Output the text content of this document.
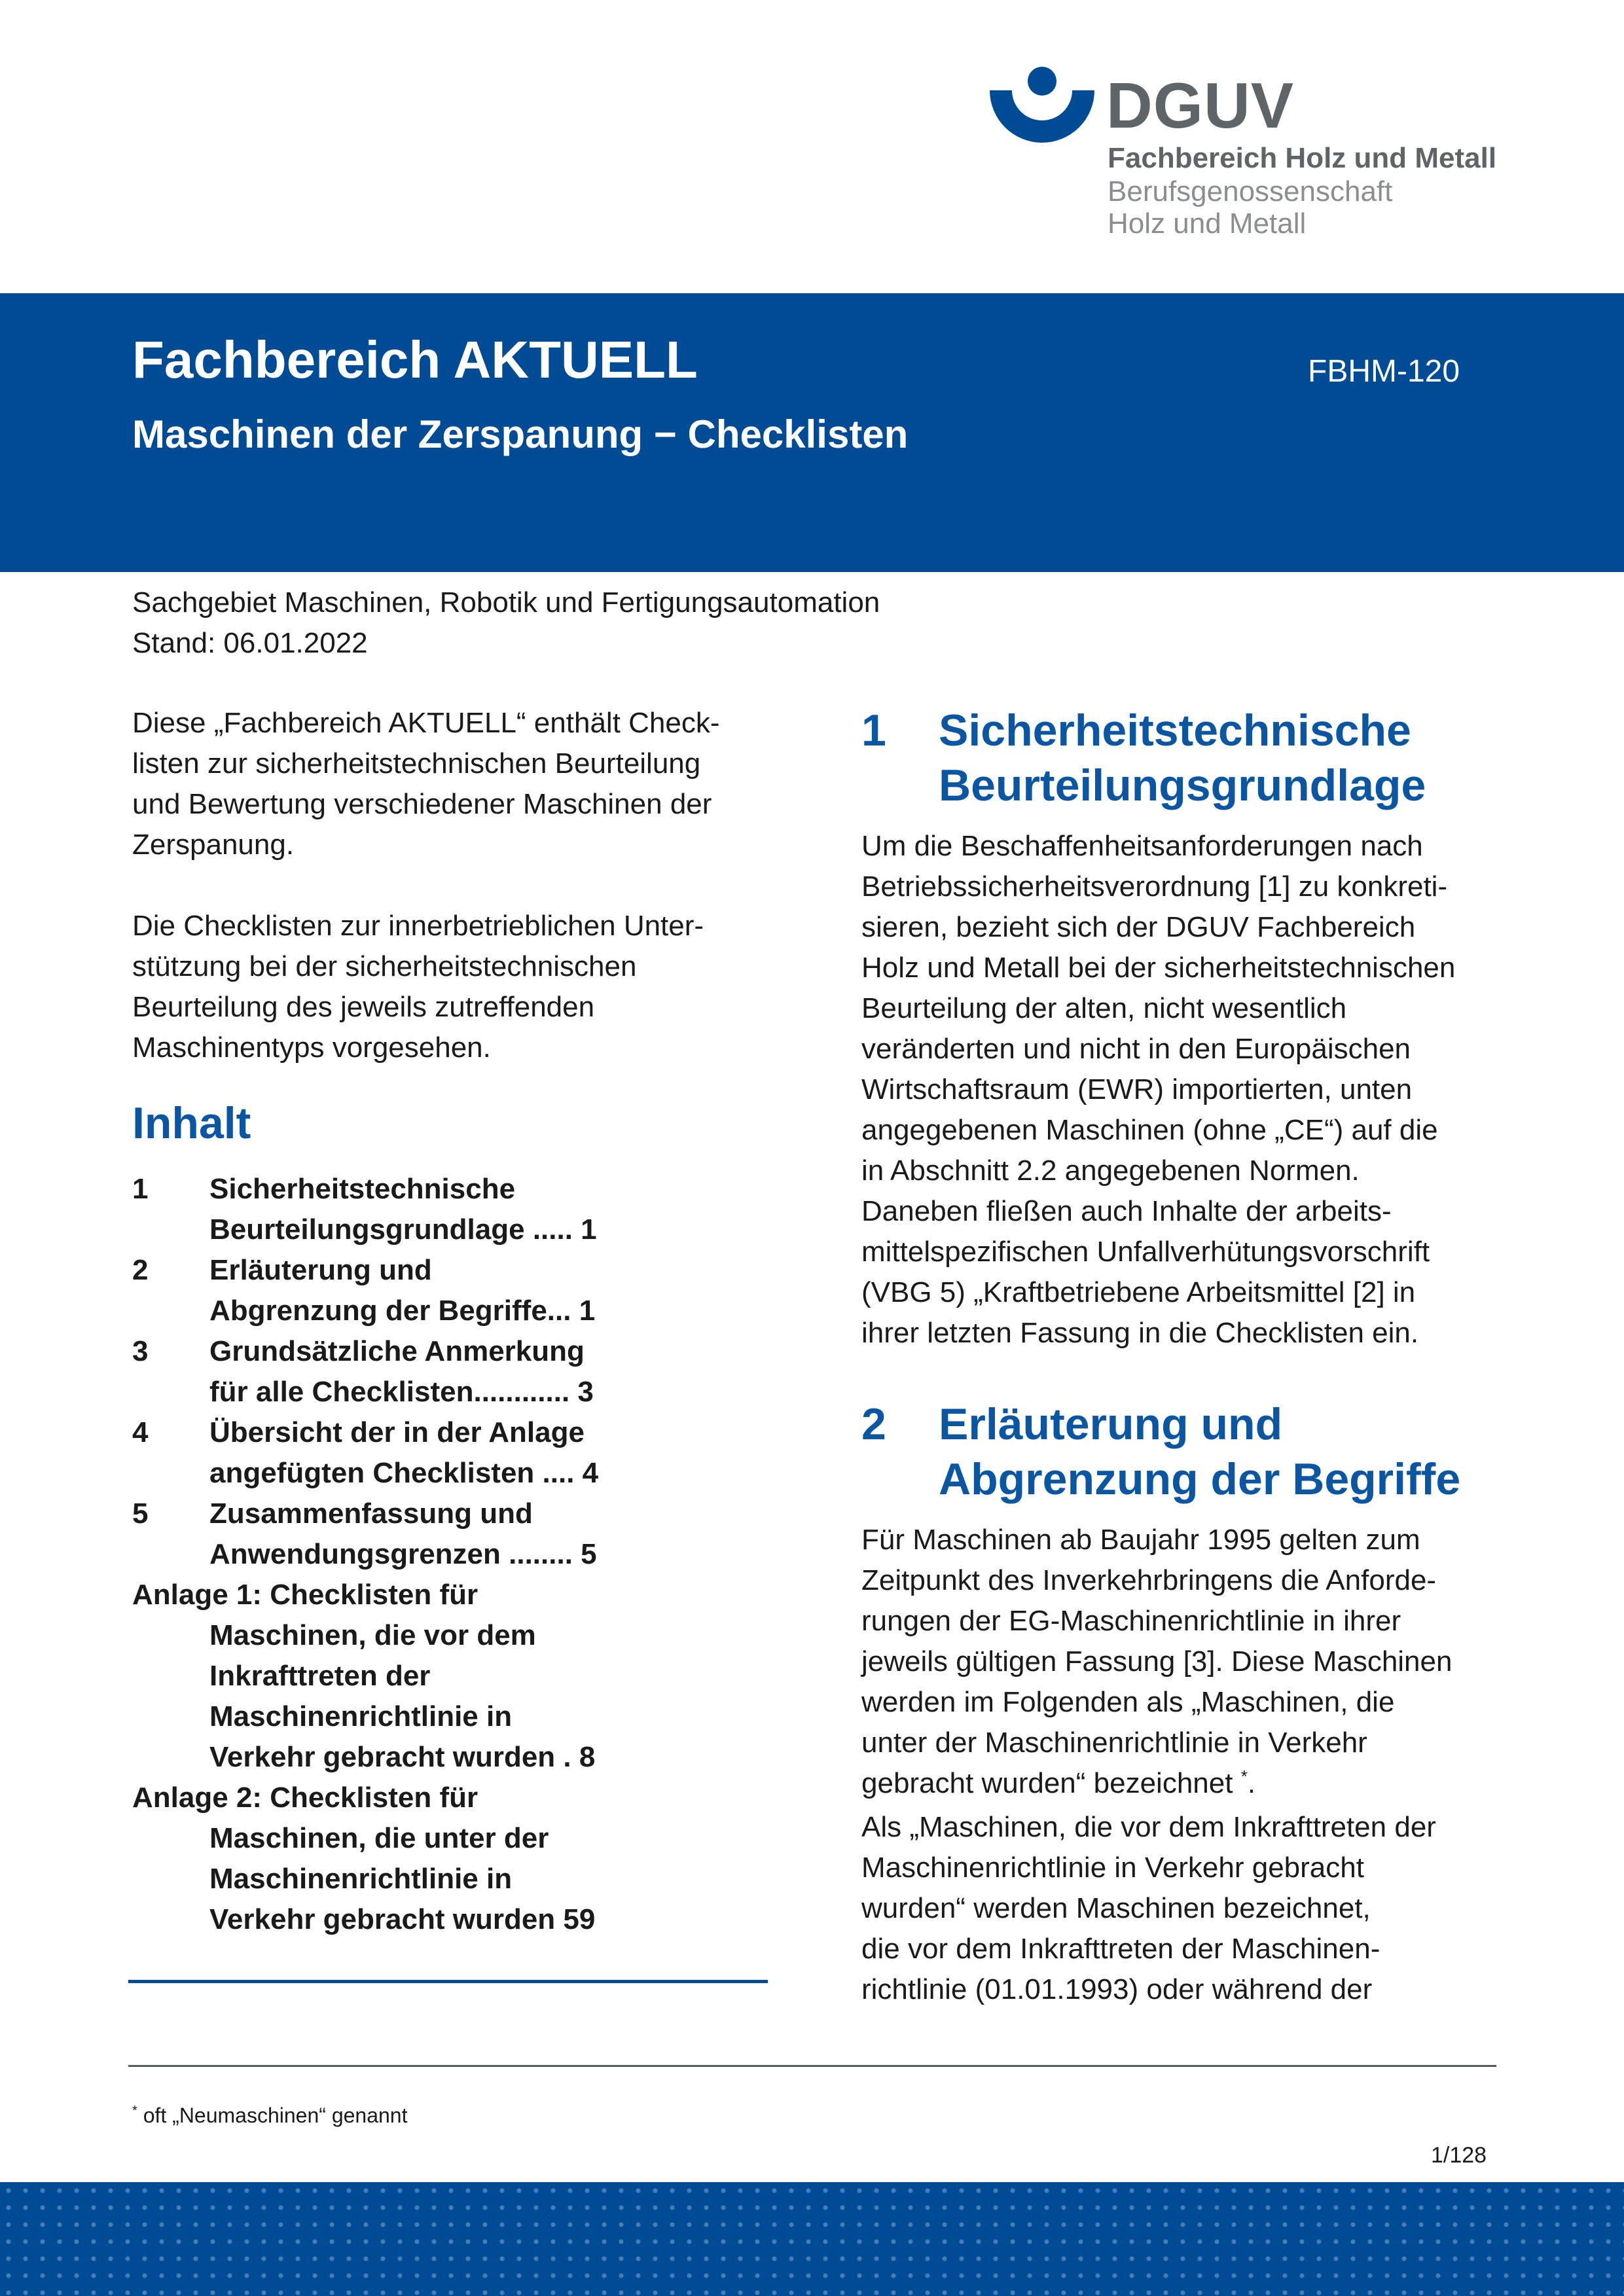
DGUV
Fachbereich Holz und Metall
Berufsgenossenschaft
Holz und Metall
Fachbereich AKTUELL
Maschinen der Zerspanung − Checklisten
FBHM-120
Sachgebiet Maschinen, Robotik und Fertigungsautomation
Stand: 06.01.2022
Diese „Fachbereich AKTUELL“ enthält Check-
listen zur sicherheitstechnischen Beurteilung
und Bewertung verschiedener Maschinen der
Zerspanung.
Die Checklisten zur innerbetrieblichen Unter-
stützung bei der sicherheitstechnischen
Beurteilung des jeweils zutreffenden
Maschinentyps vorgesehen.
Inhalt
1 Sicherheitstechnische
Beurteilungsgrundlage ..... 1
2 Erläuterung und
Abgrenzung der Begriffe... 1
3 Grundsätzliche Anmerkung
für alle Checklisten............ 3
4 Übersicht der in der Anlage
angefügten Checklisten .... 4
5 Zusammenfassung und
Anwendungsgrenzen ........ 5
Anlage 1: Checklisten für
Maschinen, die vor dem
Inkrafttreten der
Maschinenrichtlinie in
Verkehr gebracht wurden . 8
Anlage 2: Checklisten für
Maschinen, die unter der
Maschinenrichtlinie in
Verkehr gebracht wurden 59
1 Sicherheitstechnische
Beurteilungsgrundlage
Um die Beschaffenheitsanforderungen nach
Betriebssicherheitsverordnung [1] zu konkreti-
sieren, bezieht sich der DGUV Fachbereich
Holz und Metall bei der sicherheitstechnischen
Beurteilung der alten, nicht wesentlich
veränderten und nicht in den Europäischen
Wirtschaftsraum (EWR) importierten, unten
angegebenen Maschinen (ohne „CE“) auf die
in Abschnitt 2.2 angegebenen Normen.
Daneben fließen auch Inhalte der arbeits-
mittelspezifischen Unfallverhütungsvorschrift
(VBG 5) „Kraftbetriebene Arbeitsmittel [2] in
ihrer letzten Fassung in die Checklisten ein.
2 Erläuterung und
Abgrenzung der Begriffe
Für Maschinen ab Baujahr 1995 gelten zum
Zeitpunkt des Inverkehrbringens die Anforde-
rungen der EG-Maschinenrichtlinie in ihrer
jeweils gültigen Fassung [3]. Diese Maschinen
werden im Folgenden als „Maschinen, die
unter der Maschinenrichtlinie in Verkehr
gebracht wurden“ bezeichnet *.
Als „Maschinen, die vor dem Inkrafttreten der
Maschinenrichtlinie in Verkehr gebracht
wurden“ werden Maschinen bezeichnet,
die vor dem Inkrafttreten der Maschinen-
richtlinie (01.01.1993) oder während der
* oft „Neumaschinen“ genannt
1/128
